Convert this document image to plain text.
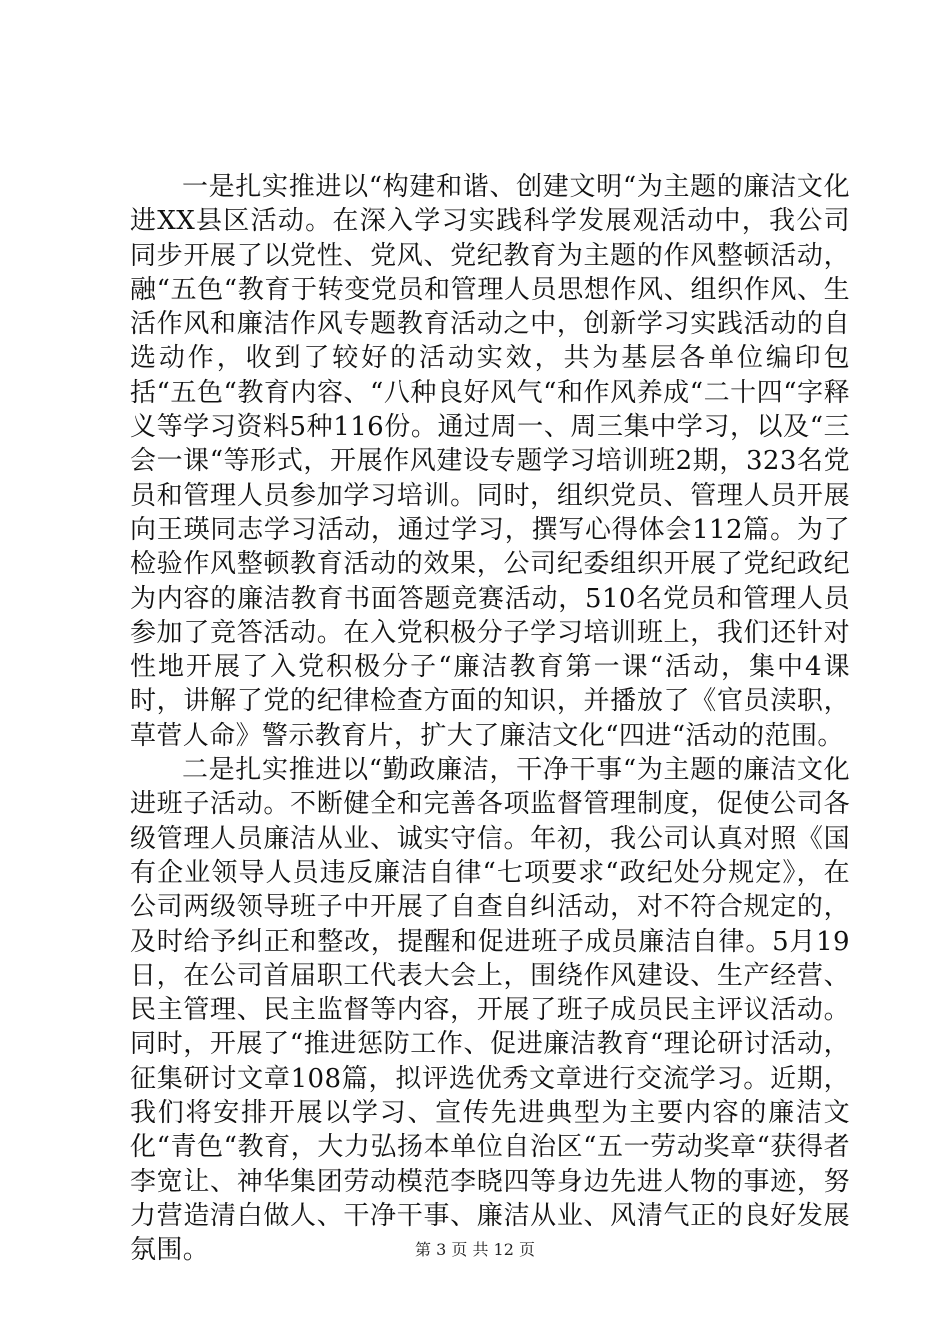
一是扎实推进以“构建和谐、创建文明“为主题的廉洁文化进XX县区活动。在深入学习实践科学发展观活动中，我公司同步开展了以党性、党风、党纪教育为主题的作风整顿活动，融“五色“教育于转变党员和管理人员思想作风、组织作风、生活作风和廉洁作风专题教育活动之中，创新学习实践活动的自选动作，收到了较好的活动实效，共为基层各单位编印包括“五色“教育内容、“八种良好风气“和作风养成“二十四“字释义等学习资料5种116份。通过周一、周三集中学习，以及“三会一课“等形式，开展作风建设专题学习培训班2期，323名党员和管理人员参加学习培训。同时，组织党员、管理人员开展向王瑛同志学习活动，通过学习，撰写心得体会112篇。为了检验作风整顿教育活动的效果，公司纪委组织开展了党纪政纪为内容的廉洁教育书面答题竞赛活动，510名党员和管理人员参加了竞答活动。在入党积极分子学习培训班上，我们还针对性地开展了入党积极分子“廉洁教育第一课“活动，集中4课时，讲解了党的纪律检查方面的知识，并播放了《官员渎职，草菅人命》警示教育片，扩大了廉洁文化“四进“活动的范围。

二是扎实推进以“勤政廉洁，干净干事“为主题的廉洁文化进班子活动。不断健全和完善各项监督管理制度，促使公司各级管理人员廉洁从业、诚实守信。年初，我公司认真对照《国有企业领导人员违反廉洁自律“七项要求“政纪处分规定》，在公司两级领导班子中开展了自查自纠活动，对不符合规定的，及时给予纠正和整改，提醒和促进班子成员廉洁自律。5月19日，在公司首届职工代表大会上，围绕作风建设、生产经营、民主管理、民主监督等内容，开展了班子成员民主评议活动。同时，开展了“推进惩防工作、促进廉洁教育“理论研讨活动，征集研讨文章108篇，拟评选优秀文章进行交流学习。近期，我们将安排开展以学习、宣传先进典型为主要内容的廉洁文化“青色“教育，大力弘扬本单位自治区“五一劳动奖章“获得者李宽让、神华集团劳动模范李晓四等身边先进人物的事迹，努力营造清白做人、干净干事、廉洁从业、风清气正的良好发展氛围。	第 3 页 共 12 页
